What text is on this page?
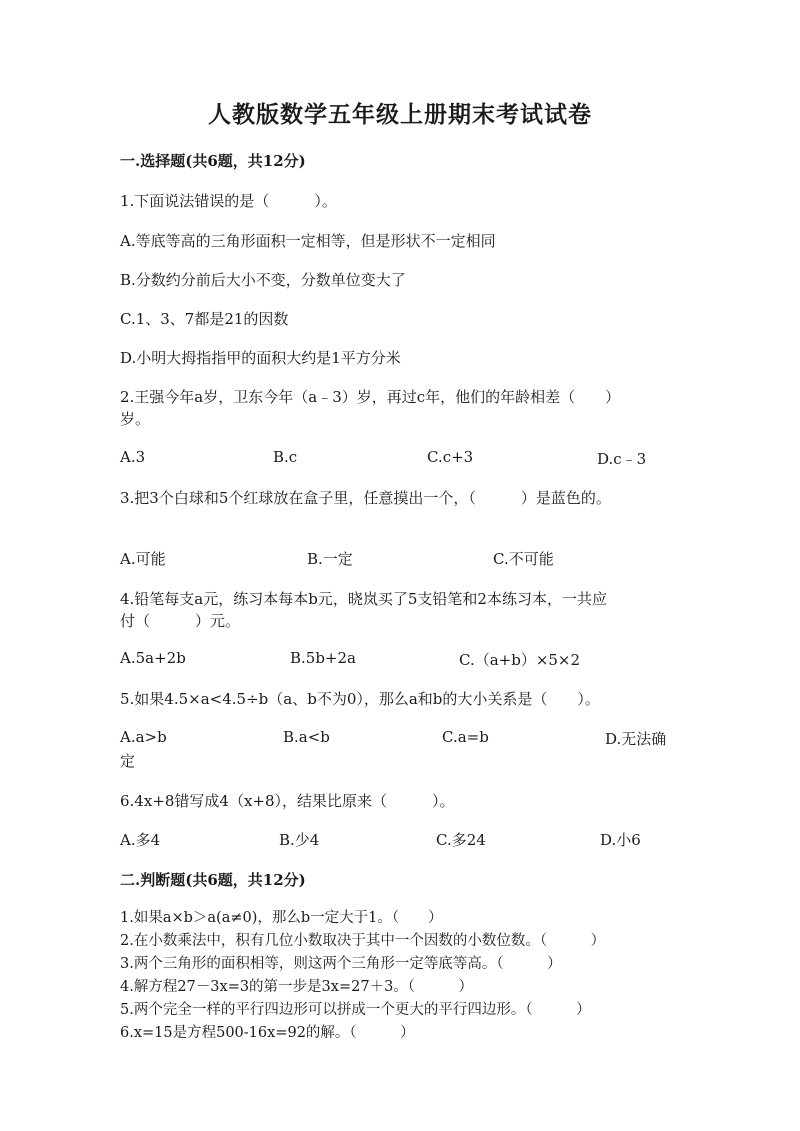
人教版数学五年级上册期末考试试卷
一.选择题(共6题，共12分)
1.下面说法错误的是（　　　）。
A.等底等高的三角形面积一定相等，但是形状不一定相同
B.分数约分前后大小不变，分数单位变大了
C.1、3、7都是21的因数
D.小明大拇指指甲的面积大约是1平方分米
2.王强今年a岁，卫东今年（a﹣3）岁，再过c年，他们的年龄相差（　　）
岁。
A.3	B.c	C.c+3	D.c﹣3
3.把3个白球和5个红球放在盒子里，任意摸出一个，（　　　）是蓝色的。
A.可能	B.一定	C.不可能
4.铅笔每支a元，练习本每本b元，晓岚买了5支铅笔和2本练习本，一共应
付（　　　）元。
A.5a+2b	B.5b+2a	C.（a+b）×5×2
5.如果4.5×a<4.5÷b（a、b不为0），那么a和b的大小关系是（　　）。
A.a>b	B.a<b	C.a=b	D.无法确
定
6.4x+8错写成4（x+8），结果比原来（　　　）。
A.多4	B.少4	C.多24	D.小6
二.判断题(共6题，共12分)
1.如果a×b＞a(a≠0)，那么b一定大于1。（　　）
2.在小数乘法中，积有几位小数取决于其中一个因数的小数位数。（　　　）
3.两个三角形的面积相等，则这两个三角形一定等底等高。（　　　）
4.解方程27－3x=3的第一步是3x=27＋3。（　　　）
5.两个完全一样的平行四边形可以拼成一个更大的平行四边形。（　　　）
6.x=15是方程500-16x=92的解。（　　　）
